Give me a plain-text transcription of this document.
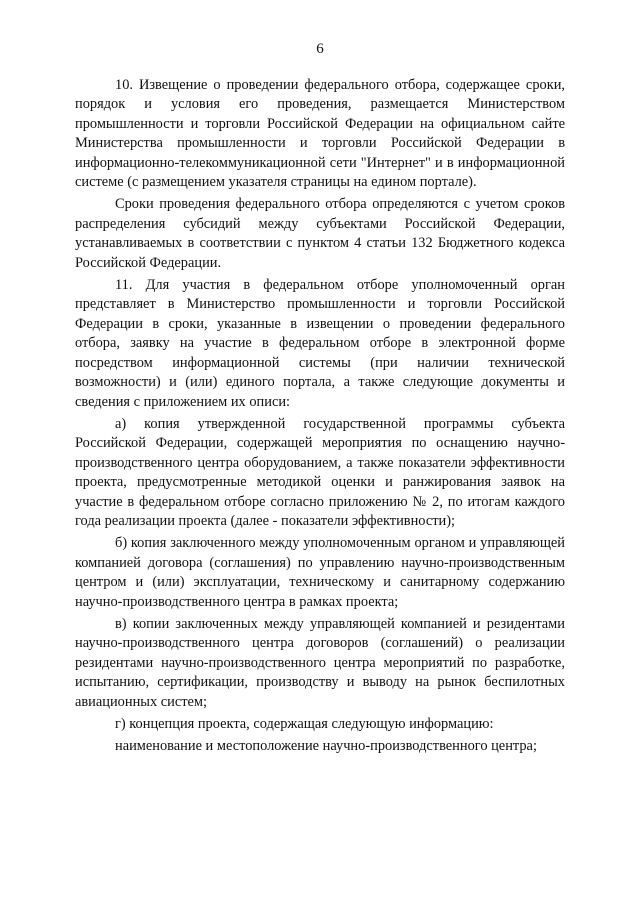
6

10. Извещение о проведении федерального отбора, содержащее сроки, порядок и условия его проведения, размещается Министерством промышленности и торговли Российской Федерации на официальном сайте Министерства промышленности и торговли Российской Федерации в информационно-телекоммуникационной сети "Интернет" и в информационной системе (с размещением указателя страницы на едином портале).

Сроки проведения федерального отбора определяются с учетом сроков распределения субсидий между субъектами Российской Федерации, устанавливаемых в соответствии с пунктом 4 статьи 132 Бюджетного кодекса Российской Федерации.

11. Для участия в федеральном отборе уполномоченный орган представляет в Министерство промышленности и торговли Российской Федерации в сроки, указанные в извещении о проведении федерального отбора, заявку на участие в федеральном отборе в электронной форме посредством информационной системы (при наличии технической возможности) и (или) единого портала, а также следующие документы и сведения с приложением их описи:

а) копия утвержденной государственной программы субъекта Российской Федерации, содержащей мероприятия по оснащению научно-производственного центра оборудованием, а также показатели эффективности проекта, предусмотренные методикой оценки и ранжирования заявок на участие в федеральном отборе согласно приложению № 2, по итогам каждого года реализации проекта (далее - показатели эффективности);

б) копия заключенного между уполномоченным органом и управляющей компанией договора (соглашения) по управлению научно-производственным центром и (или) эксплуатации, техническому и санитарному содержанию научно-производственного центра в рамках проекта;

в) копии заключенных между управляющей компанией и резидентами научно-производственного центра договоров (соглашений) о реализации резидентами научно-производственного центра мероприятий по разработке, испытанию, сертификации, производству и выводу на рынок беспилотных авиационных систем;

г) концепция проекта, содержащая следующую информацию:

наименование и местоположение научно-производственного центра;
